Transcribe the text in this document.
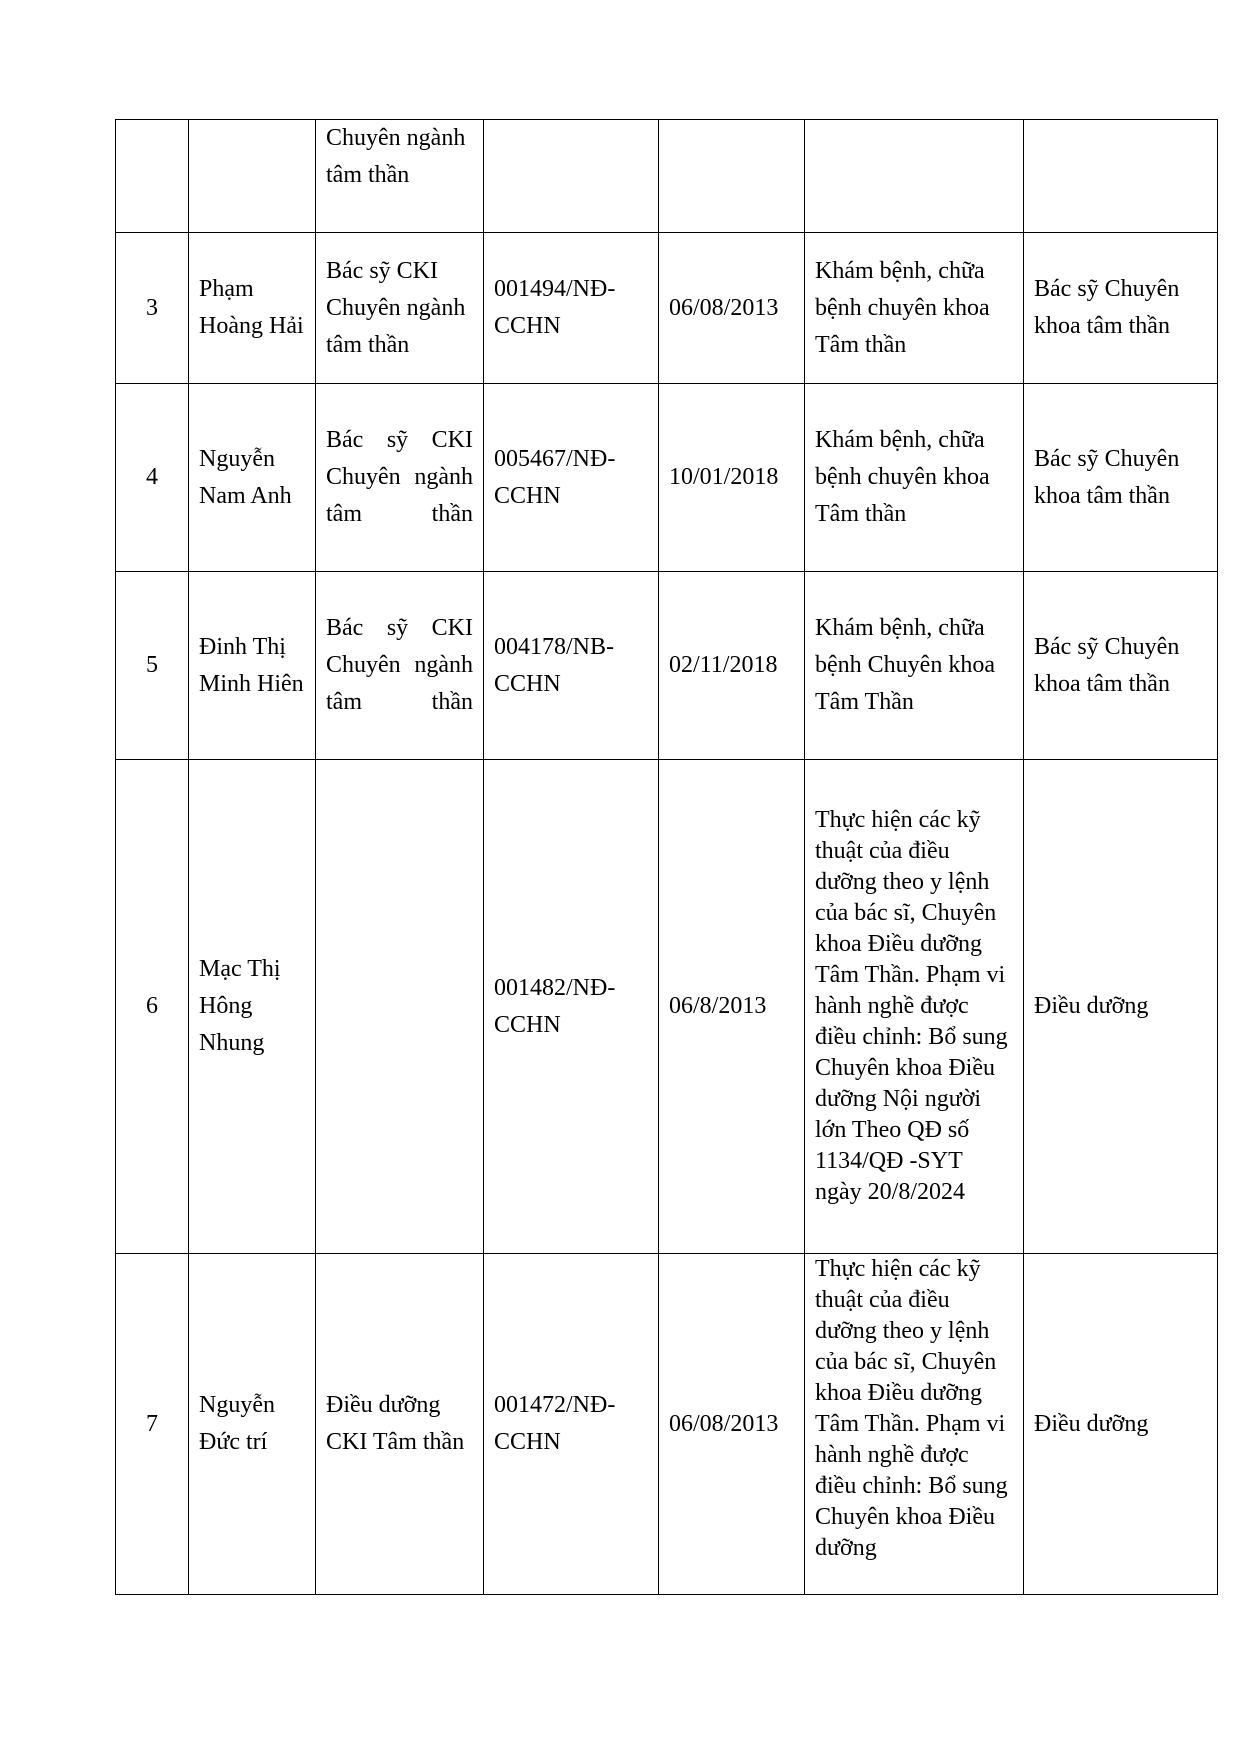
		Chuyên ngành tâm thần				
3	Phạm Hoàng Hải	Bác sỹ CKI Chuyên ngành tâm thần	001494/NĐ-CCHN	06/08/2013	Khám bệnh, chữa bệnh chuyên khoa Tâm thần	Bác sỹ Chuyên khoa tâm thần
4	Nguyễn Nam Anh	Bác sỹ CKI Chuyên ngành tâm thần	005467/NĐ-CCHN	10/01/2018	Khám bệnh, chữa bệnh chuyên khoa Tâm thần	Bác sỹ Chuyên khoa tâm thần
5	Đinh Thị Minh Hiên	Bác sỹ CKI Chuyên ngành tâm thần	004178/NB-CCHN	02/11/2018	Khám bệnh, chữa bệnh Chuyên khoa Tâm Thần	Bác sỹ Chuyên khoa tâm thần
6	Mạc Thị Hông Nhung		001482/NĐ-CCHN	06/8/2013	Thực hiện các kỹ thuật của điều dưỡng theo y lệnh của bác sĩ, Chuyên khoa Điều dưỡng Tâm Thần. Phạm vi hành nghề được điều chỉnh: Bổ sung Chuyên khoa Điều dưỡng Nội người lớn Theo QĐ số 1134/QĐ -SYT ngày 20/8/2024	Điều dưỡng
7	Nguyễn Đức trí	Điều dưỡng CKI Tâm thần	001472/NĐ-CCHN	06/08/2013	Thực hiện các kỹ thuật của điều dưỡng theo y lệnh của bác sĩ, Chuyên khoa Điều dưỡng Tâm Thần. Phạm vi hành nghề được điều chỉnh: Bổ sung Chuyên khoa Điều dưỡng	Điều dưỡng
